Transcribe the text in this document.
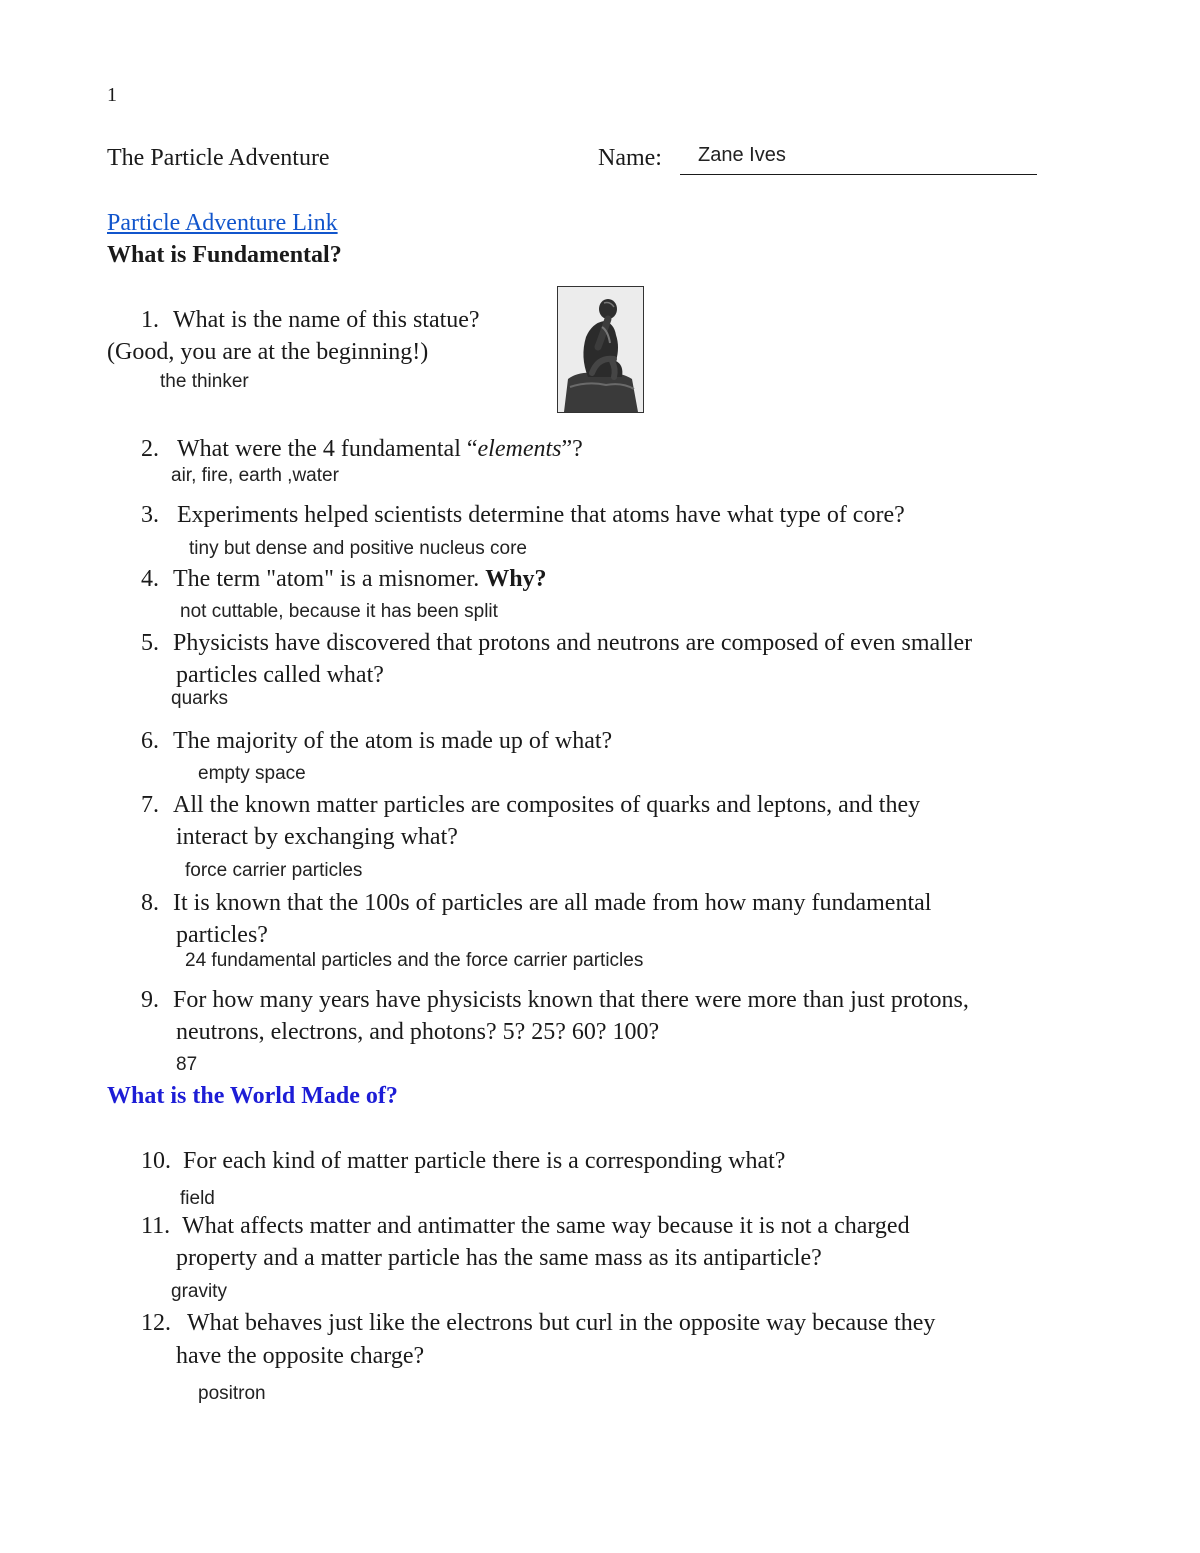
1
The Particle Adventure	Name: Zane Ives
Particle Adventure Link
What is Fundamental?
1. What is the name of this statue?
(Good, you are at the beginning!)
the thinker
2. What were the 4 fundamental “elements”?
air, fire, earth ,water
3. Experiments helped scientists determine that atoms have what type of core?
tiny but dense and positive nucleus core
4. The term "atom" is a misnomer. Why?
not cuttable, because it has been split
5. Physicists have discovered that protons and neutrons are composed of even smaller
particles called what?
quarks
6. The majority of the atom is made up of what?
empty space
7. All the known matter particles are composites of quarks and leptons, and they
interact by exchanging what?
force carrier particles
8. It is known that the 100s of particles are all made from how many fundamental
particles?
24 fundamental particles and the force carrier particles
9. For how many years have physicists known that there were more than just protons,
neutrons, electrons, and photons? 5? 25? 60? 100?
87
What is the World Made of?
10. For each kind of matter particle there is a corresponding what?
field
11. What affects matter and antimatter the same way because it is not a charged
property and a matter particle has the same mass as its antiparticle?
gravity
12. What behaves just like the electrons but curl in the opposite way because they
have the opposite charge?
positron
